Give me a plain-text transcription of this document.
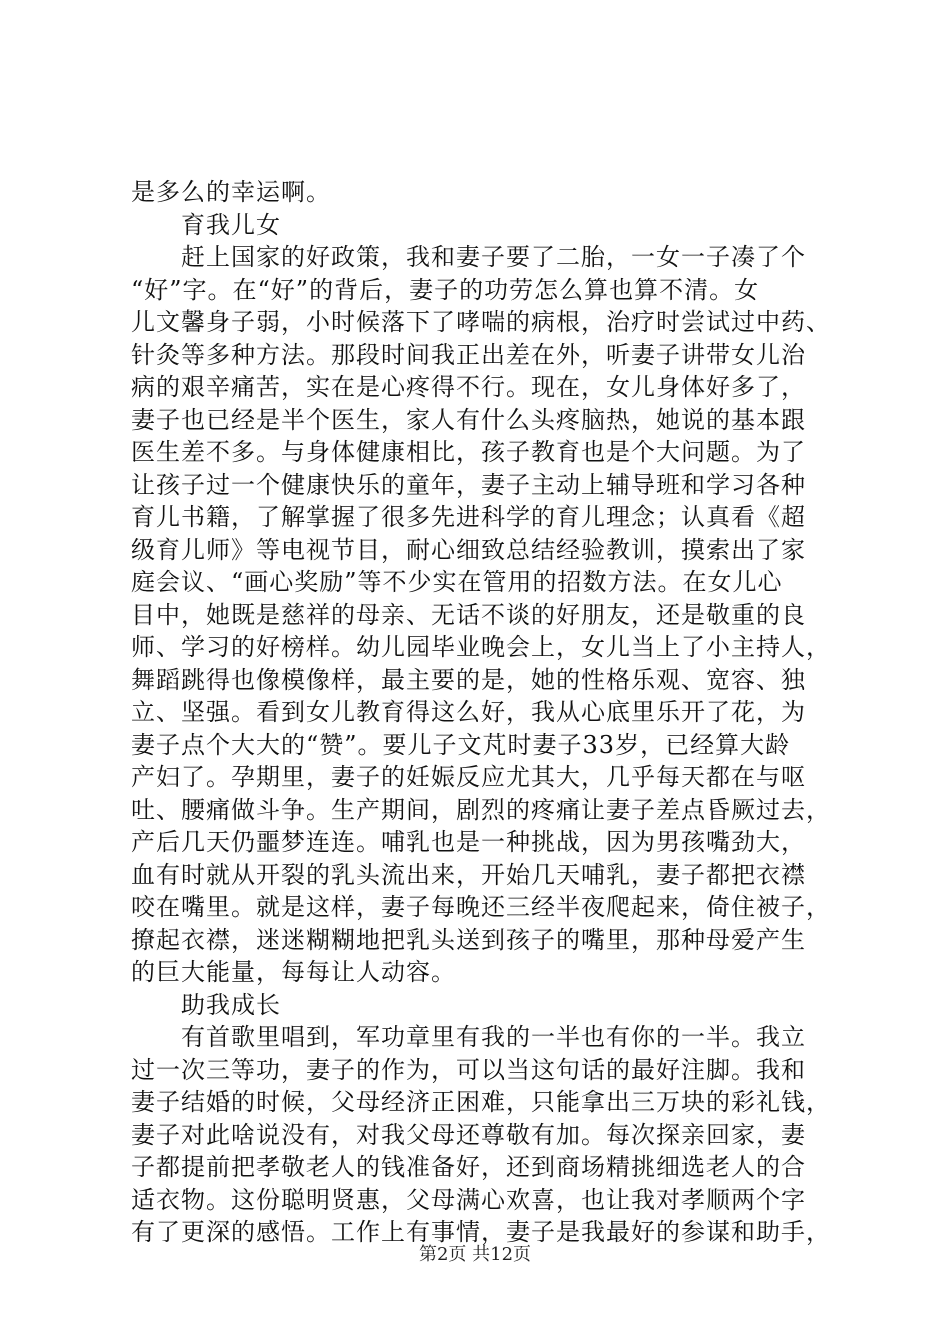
是多么的幸运啊。
育我儿女
赶上国家的好政策，我和妻子要了二胎，一女一子凑了个
“好”字。在“好”的背后，妻子的功劳怎么算也算不清。女
儿文馨身子弱，小时候落下了哮喘的病根，治疗时尝试过中药、
针灸等多种方法。那段时间我正出差在外，听妻子讲带女儿治
病的艰辛痛苦，实在是心疼得不行。现在，女儿身体好多了，
妻子也已经是半个医生，家人有什么头疼脑热，她说的基本跟
医生差不多。与身体健康相比，孩子教育也是个大问题。为了
让孩子过一个健康快乐的童年，妻子主动上辅导班和学习各种
育儿书籍，了解掌握了很多先进科学的育儿理念；认真看《超
级育儿师》等电视节目，耐心细致总结经验教训，摸索出了家
庭会议、“画心奖励”等不少实在管用的招数方法。在女儿心
目中，她既是慈祥的母亲、无话不谈的好朋友，还是敬重的良
师、学习的好榜样。幼儿园毕业晚会上，女儿当上了小主持人，
舞蹈跳得也像模像样，最主要的是，她的性格乐观、宽容、独
立、坚强。看到女儿教育得这么好，我从心底里乐开了花，为
妻子点个大大的“赞”。要儿子文芃时妻子33岁，已经算大龄
产妇了。孕期里，妻子的妊娠反应尤其大，几乎每天都在与呕
吐、腰痛做斗争。生产期间，剧烈的疼痛让妻子差点昏厥过去，
产后几天仍噩梦连连。哺乳也是一种挑战，因为男孩嘴劲大，
血有时就从开裂的乳头流出来，开始几天哺乳，妻子都把衣襟
咬在嘴里。就是这样，妻子每晚还三经半夜爬起来，倚住被子，
撩起衣襟，迷迷糊糊地把乳头送到孩子的嘴里，那种母爱产生
的巨大能量，每每让人动容。
助我成长
有首歌里唱到，军功章里有我的一半也有你的一半。我立
过一次三等功，妻子的作为，可以当这句话的最好注脚。我和
妻子结婚的时候，父母经济正困难，只能拿出三万块的彩礼钱，
妻子对此啥说没有，对我父母还尊敬有加。每次探亲回家，妻
子都提前把孝敬老人的钱准备好，还到商场精挑细选老人的合
适衣物。这份聪明贤惠，父母满心欢喜，也让我对孝顺两个字
有了更深的感悟。工作上有事情，妻子是我最好的参谋和助手，
第2页 共12页
